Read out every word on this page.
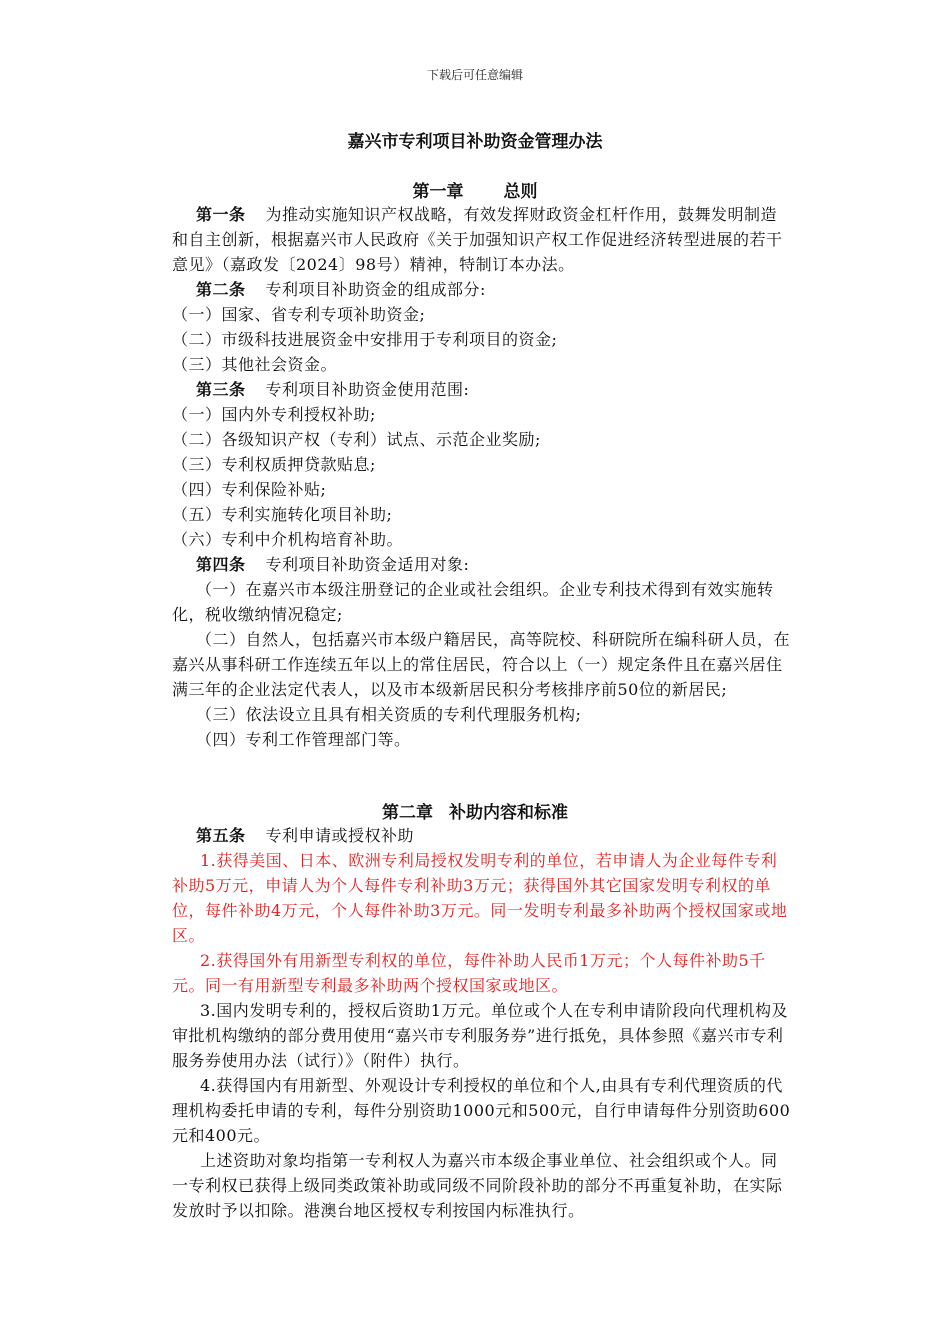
下载后可任意编辑
嘉兴市专利项目补助资金管理办法
第一章 总则

第一条 为推动实施知识产权战略，有效发挥财政资金杠杆作用，鼓舞发明制造和自主创新，根据嘉兴市人民政府《关于加强知识产权工作促进经济转型进展的若干意见》（嘉政发〔2024〕98号）精神，特制订本办法。

第二条 专利项目补助资金的组成部分:

（一）国家、省专利专项补助资金;

（二）市级科技进展资金中安排用于专利项目的资金;

（三）其他社会资金。

第三条 专利项目补助资金使用范围:

（一）国内外专利授权补助;

（二）各级知识产权（专利）试点、示范企业奖励;

（三）专利权质押贷款贴息;

（四）专利保险补贴;

（五）专利实施转化项目补助;

（六）专利中介机构培育补助。

第四条 专利项目补助资金适用对象:

（一）在嘉兴市本级注册登记的企业或社会组织。企业专利技术得到有效实施转化，税收缴纳情况稳定;

（二）自然人，包括嘉兴市本级户籍居民，高等院校、科研院所在编科研人员，在嘉兴从事科研工作连续五年以上的常住居民，符合以上（一）规定条件且在嘉兴居住满三年的企业法定代表人，以及市本级新居民积分考核排序前50位的新居民;

（三）依法设立且具有相关资质的专利代理服务机构;

（四）专利工作管理部门等。

第二章 补助内容和标准

第五条 专利申请或授权补助

1.获得美国、日本、欧洲专利局授权发明专利的单位，若申请人为企业每件专利补助5万元，申请人为个人每件专利补助3万元；获得国外其它国家发明专利权的单位，每件补助4万元，个人每件补助3万元。同一发明专利最多补助两个授权国家或地区。

2.获得国外有用新型专利权的单位，每件补助人民币1万元；个人每件补助5千元。同一有用新型专利最多补助两个授权国家或地区。

3.国内发明专利的，授权后资助1万元。单位或个人在专利申请阶段向代理机构及审批机构缴纳的部分费用使用“嘉兴市专利服务券”进行抵免，具体参照《嘉兴市专利服务券使用办法（试行）》（附件）执行。

4.获得国内有用新型、外观设计专利授权的单位和个人,由具有专利代理资质的代理机构委托申请的专利，每件分别资助1000元和500元，自行申请每件分别资助600元和400元。

上述资助对象均指第一专利权人为嘉兴市本级企事业单位、社会组织或个人。同一专利权已获得上级同类政策补助或同级不同阶段补助的部分不再重复补助，在实际发放时予以扣除。港澳台地区授权专利按国内标准执行。
